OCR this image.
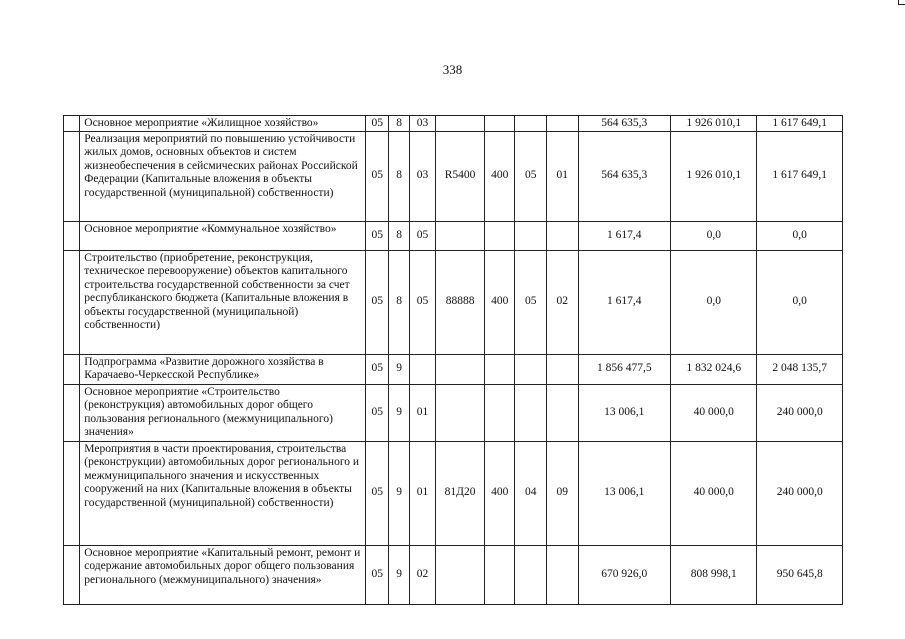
338
	Основное мероприятие «Жилищное хозяйство»	05	8	03					564 635,3	1 926 010,1	1 617 649,1
	Реализация мероприятий по повышению устойчивости жилых домов, основных объектов и систем жизнеобеспечения в сейсмических районах Российской Федерации (Капитальные вложения в объекты государственной (муниципальной) собственности)	05	8	03	R5400	400	05	01	564 635,3	1 926 010,1	1 617 649,1
	Основное мероприятие «Коммунальное хозяйство»	05	8	05					1 617,4	0,0	0,0
	Строительство (приобретение, реконструкция, техническое перевооружение) объектов капитального строительства государственной собственности за счет республиканского бюджета (Капитальные вложения в объекты государственной (муниципальной) собственности)	05	8	05	88888	400	05	02	1 617,4	0,0	0,0
	Подпрограмма «Развитие дорожного хозяйства в Карачаево-Черкесской Республике»	05	9						1 856 477,5	1 832 024,6	2 048 135,7
	Основное мероприятие «Строительство (реконструкция) автомобильных дорог общего пользования регионального (межмуниципального) значения»	05	9	01					13 006,1	40 000,0	240 000,0
	Мероприятия в части проектирования, строительства (реконструкции) автомобильных дорог регионального и межмуниципального значения и искусственных сооружений на них (Капитальные вложения в объекты государственной (муниципальной) собственности)	05	9	01	81Д20	400	04	09	13 006,1	40 000,0	240 000,0
	Основное мероприятие «Капитальный ремонт, ремонт и содержание автомобильных дорог общего пользования регионального (межмуниципального) значения»	05	9	02					670 926,0	808 998,1	950 645,8
